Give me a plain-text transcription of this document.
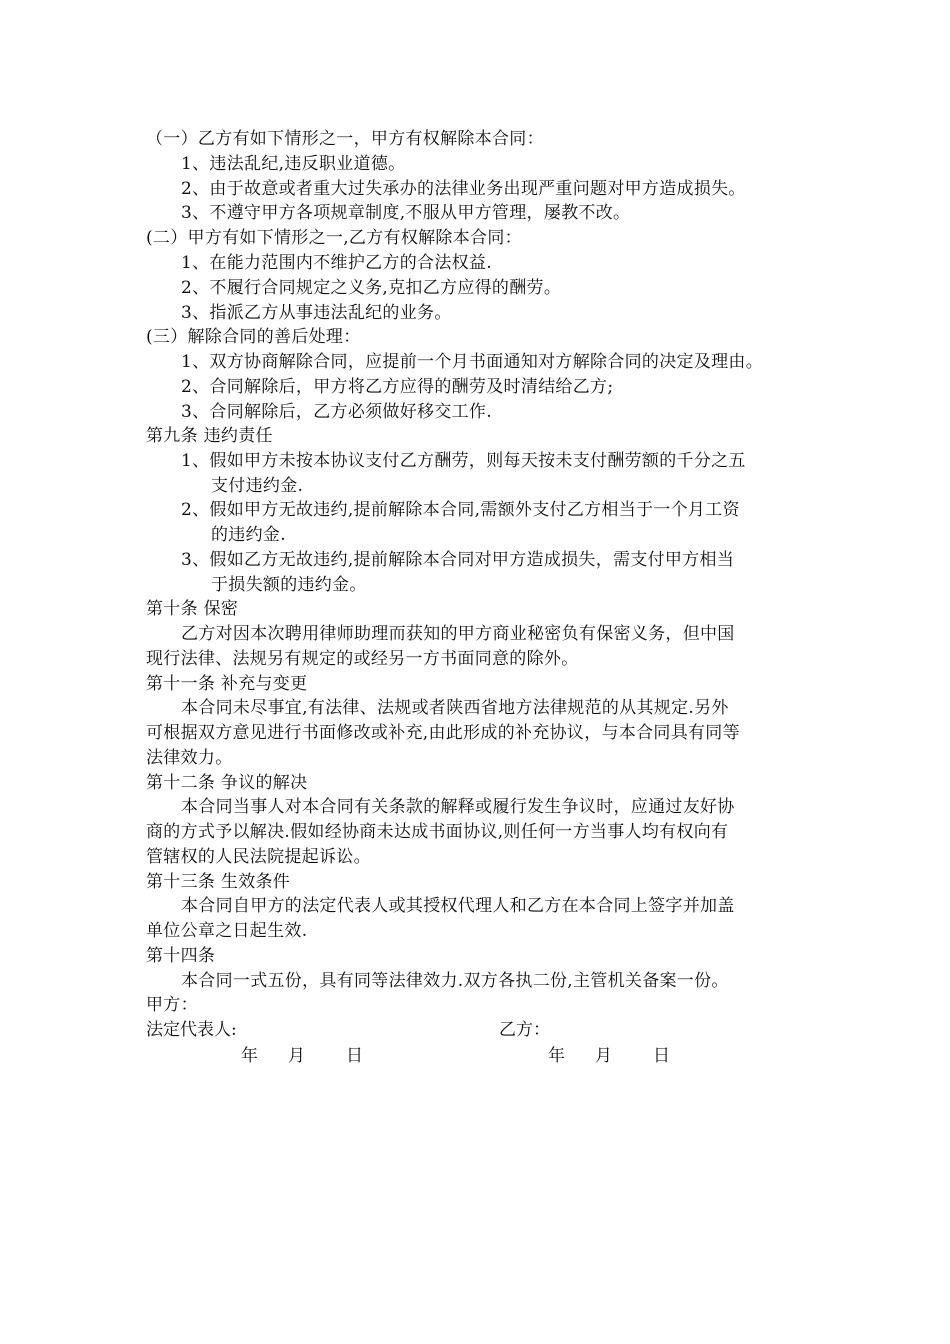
（一）乙方有如下情形之一，甲方有权解除本合同：
1、违法乱纪,违反职业道德。
2、由于故意或者重大过失承办的法律业务出现严重问题对甲方造成损失。
3、不遵守甲方各项规章制度,不服从甲方管理，屡教不改。
(二）甲方有如下情形之一,乙方有权解除本合同：
1、在能力范围内不维护乙方的合法权益.
2、不履行合同规定之义务,克扣乙方应得的酬劳。
3、指派乙方从事违法乱纪的业务。
(三）解除合同的善后处理：
1、双方协商解除合同，应提前一个月书面通知对方解除合同的决定及理由。
2、合同解除后，甲方将乙方应得的酬劳及时清结给乙方;
3、合同解除后，乙方必须做好移交工作.
第九条 违约责任
1、假如甲方未按本协议支付乙方酬劳，则每天按未支付酬劳额的千分之五
支付违约金.
2、假如甲方无故违约,提前解除本合同,需额外支付乙方相当于一个月工资
的违约金.
3、假如乙方无故违约,提前解除本合同对甲方造成损失，需支付甲方相当
于损失额的违约金。
第十条 保密
乙方对因本次聘用律师助理而获知的甲方商业秘密负有保密义务，但中国
现行法律、法规另有规定的或经另一方书面同意的除外。
第十一条 补充与变更
本合同未尽事宜,有法律、法规或者陕西省地方法律规范的从其规定.另外
可根据双方意见进行书面修改或补充,由此形成的补充协议，与本合同具有同等
法律效力。
第十二条 争议的解决
本合同当事人对本合同有关条款的解释或履行发生争议时，应通过友好协
商的方式予以解决.假如经协商未达成书面协议,则任何一方当事人均有权向有
管辖权的人民法院提起诉讼。
第十三条 生效条件
本合同自甲方的法定代表人或其授权代理人和乙方在本合同上签字并加盖
单位公章之日起生效.
第十四条
本合同一式五份，具有同等法律效力.双方各执二份,主管机关备案一份。
甲方：
法定代表人:	乙方：
年 月 日	年 月 日
